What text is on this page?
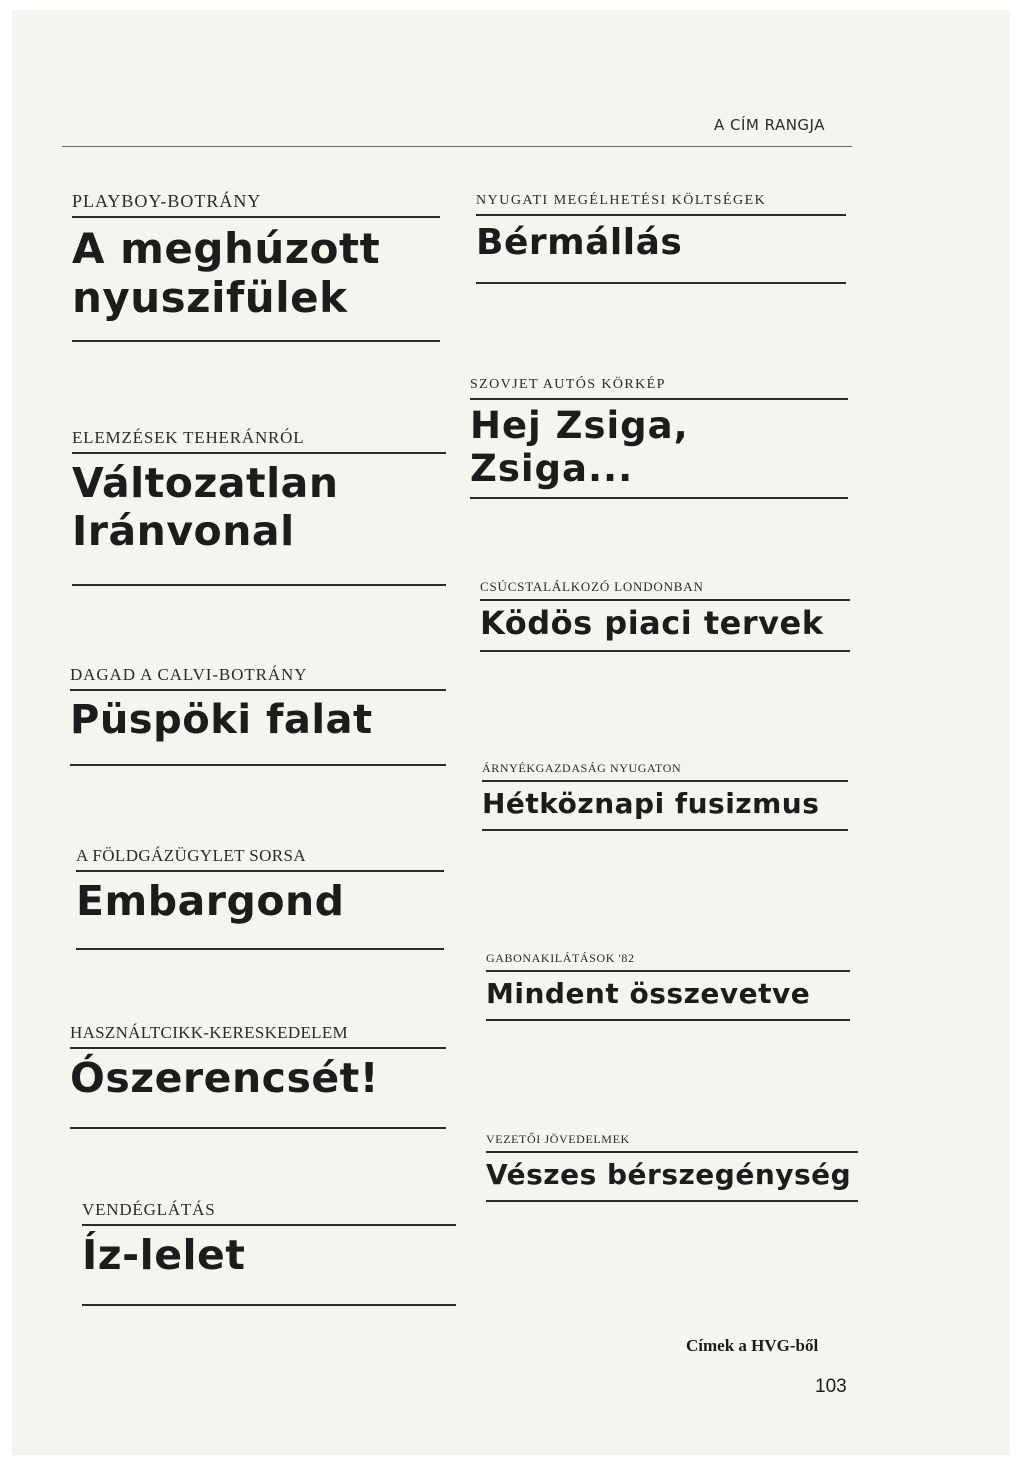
A CÍM RANGJA
PLAYBOY-BOTRÁNY
A meghúzott
nyuszifülek
ELEMZÉSEK TEHERÁNRÓL
Változatlan
Iránvonal
DAGAD A CALVI-BOTRÁNY
Püspöki falat
A FÖLDGÁZÜGYLET SORSA
Embargond
HASZNÁLTCIKK-KERESKEDELEM
Ószerencsét!
VENDÉGLÁTÁS
Íz-lelet
NYUGATI MEGÉLHETÉSI KÖLTSÉGEK
Bérmállás
SZOVJET AUTÓS KÖRKÉP
Hej Zsiga, Zsiga...
CSÚCSTALÁLKOZÓ LONDONBAN
Ködös piaci tervek
ÁRNYÉKGAZDASÁG NYUGATON
Hétköznapi fusizmus
GABONAKILÁTÁSOK '82
Mindent összevetve
VEZETŐI JÖVEDELMEK
Vészes bérszegénység
Címek a HVG-ből
103
